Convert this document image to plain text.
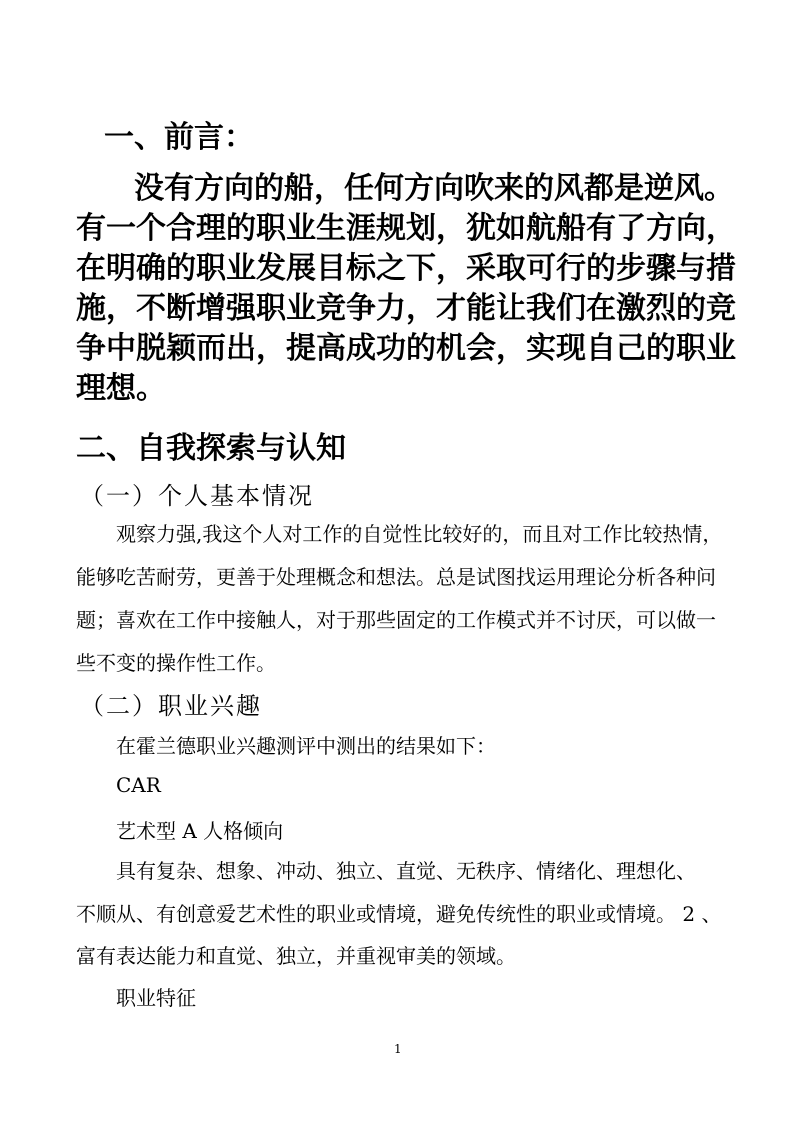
一、前言：
没有方向的船，任何方向吹来的风都是逆风。
有一个合理的职业生涯规划，犹如航船有了方向，
在明确的职业发展目标之下，采取可行的步骤与措
施，不断增强职业竞争力，才能让我们在激烈的竞
争中脱颖而出，提高成功的机会，实现自己的职业
理想。
二、自我探索与认知
（一）个人基本情况
观察力强,我这个人对工作的自觉性比较好的，而且对工作比较热情，
能够吃苦耐劳，更善于处理概念和想法。总是试图找运用理论分析各种问
题；喜欢在工作中接触人，对于那些固定的工作模式并不讨厌，可以做一
些不变的操作性工作。
（二）职业兴趣
在霍兰德职业兴趣测评中测出的结果如下：
CAR
艺术型 A 人格倾向
具有复杂、想象、冲动、独立、直觉、无秩序、情绪化、理想化、
不顺从、有创意爱艺术性的职业或情境，避免传统性的职业或情境。 2 、
富有表达能力和直觉、独立，并重视审美的领域。
职业特征
1
